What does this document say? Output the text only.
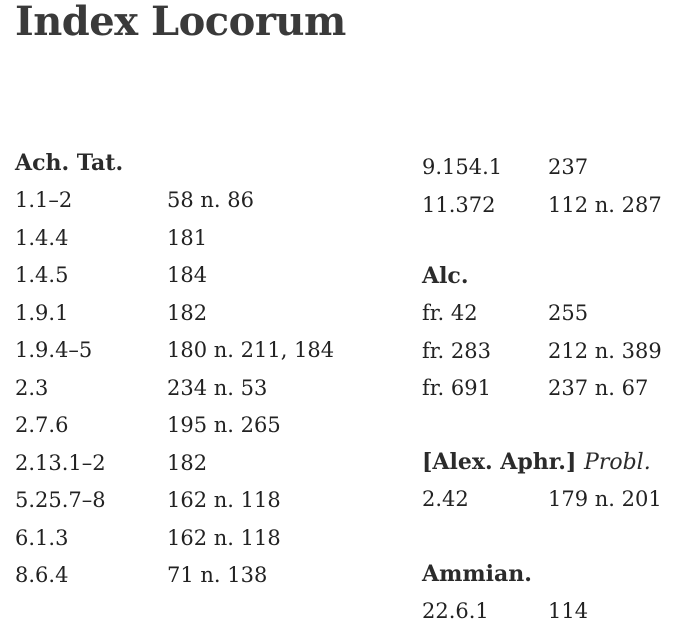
Index Locorum
Ach. Tat.
1.1–2	58 n. 86
1.4.4	181
1.4.5	184
1.9.1	182
1.9.4–5	180 n. 211, 184
2.3	234 n. 53
2.7.6	195 n. 265
2.13.1–2	182
5.25.7–8	162 n. 118
6.1.3	162 n. 118
8.6.4	71 n. 138
9.154.1	237
11.372	112 n. 287
Alc.
fr. 42	255
fr. 283	212 n. 389
fr. 691	237 n. 67
[Alex. Aphr.] Probl.
2.42	179 n. 201
Ammian.
22.6.1	114
